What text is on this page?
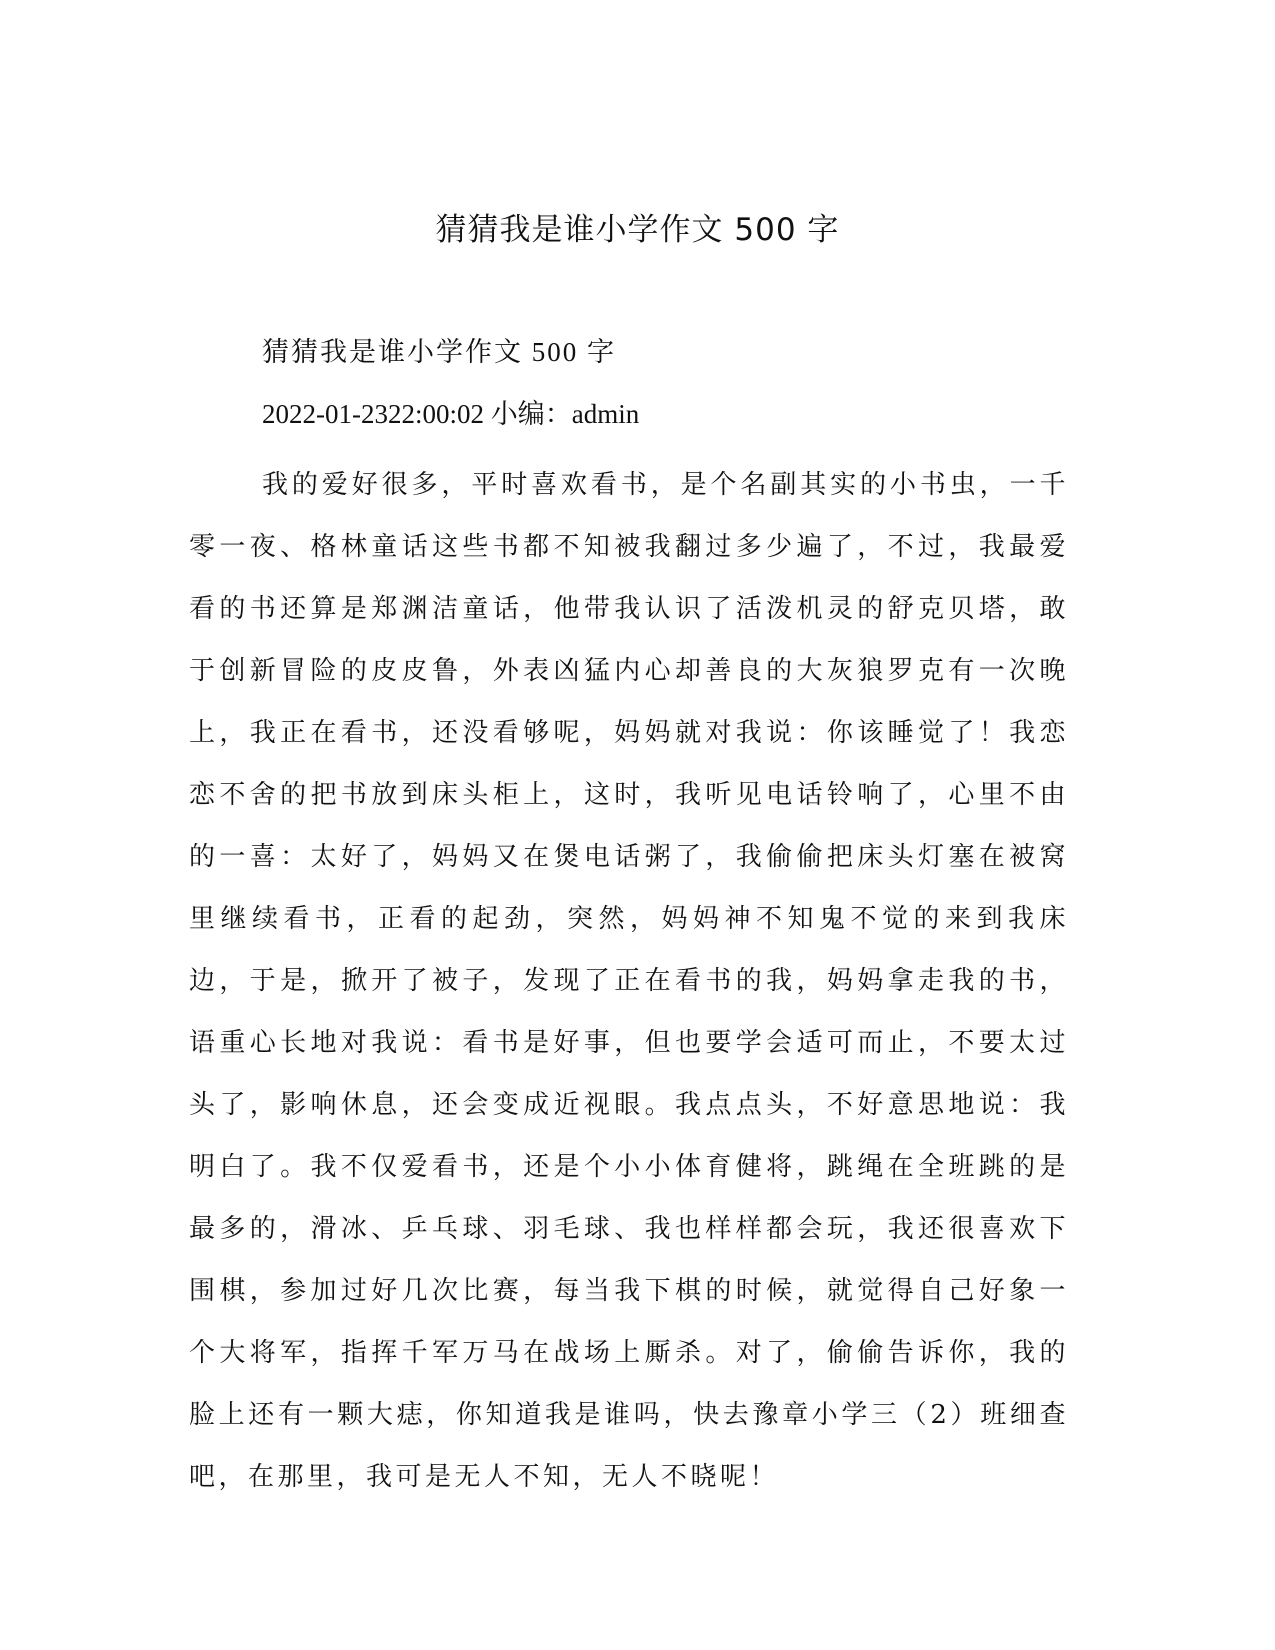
猜猜我是谁小学作文 500 字

猜猜我是谁小学作文 500 字

2022-01-2322:00:02 小编：admin

我的爱好很多，平时喜欢看书，是个名副其实的小书虫，一千零一夜、格林童话这些书都不知被我翻过多少遍了，不过，我最爱看的书还算是郑渊洁童话，他带我认识了活泼机灵的舒克贝塔，敢于创新冒险的皮皮鲁，外表凶猛内心却善良的大灰狼罗克有一次晚上，我正在看书，还没看够呢，妈妈就对我说：你该睡觉了！我恋恋不舍的把书放到床头柜上，这时，我听见电话铃响了，心里不由的一喜：太好了，妈妈又在煲电话粥了，我偷偷把床头灯塞在被窝里继续看书，正看的起劲，突然，妈妈神不知鬼不觉的来到我床边，于是，掀开了被子，发现了正在看书的我，妈妈拿走我的书，语重心长地对我说：看书是好事，但也要学会适可而止，不要太过头了，影响休息，还会变成近视眼。我点点头，不好意思地说：我明白了。我不仅爱看书，还是个小小体育健将，跳绳在全班跳的是最多的，滑冰、乒乓球、羽毛球、我也样样都会玩，我还很喜欢下围棋，参加过好几次比赛，每当我下棋的时候，就觉得自己好象一个大将军，指挥千军万马在战场上厮杀。对了，偷偷告诉你，我的脸上还有一颗大痣，你知道我是谁吗，快去豫章小学三（2）班细查吧，在那里，我可是无人不知，无人不晓呢！
